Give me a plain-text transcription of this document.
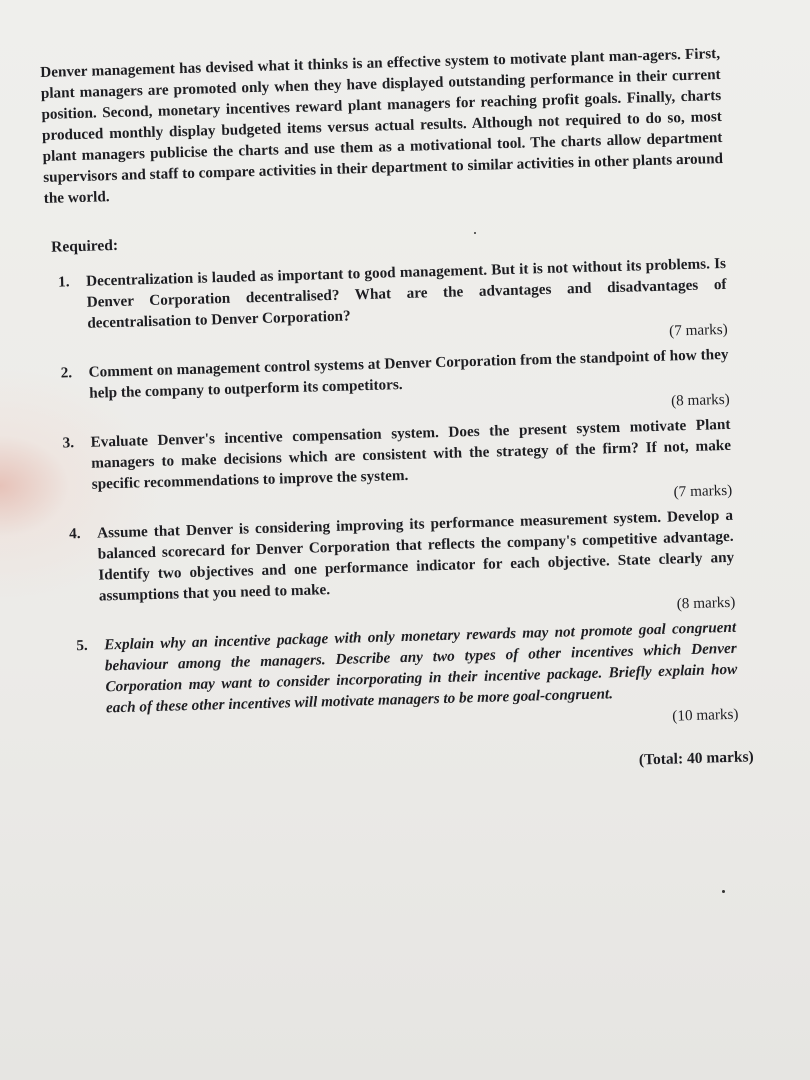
Denver management has devised what it thinks is an effective system to motivate plant man-agers. First, plant managers are promoted only when they have displayed outstanding performance in their current position. Second, monetary incentives reward plant managers for reaching profit goals. Finally, charts produced monthly display budgeted items versus actual results. Although not required to do so, most plant managers publicise the charts and use them as a motivational tool. The charts allow department supervisors and staff to compare activities in their department to similar activities in other plants around the world.

Required:
1. Decentralization is lauded as important to good management. But it is not without its problems. Is Denver Corporation decentralised? What are the advantages and disadvantages of decentralisation to Denver Corporation?	(7 marks)
2. Comment on management control systems at Denver Corporation from the standpoint of how they help the company to outperform its competitors.	(8 marks)
3. Evaluate Denver's incentive compensation system. Does the present system motivate Plant managers to make decisions which are consistent with the strategy of the firm? If not, make specific recommendations to improve the system.	(7 marks)
4. Assume that Denver is considering improving its performance measurement system. Develop a balanced scorecard for Denver Corporation that reflects the company's competitive advantage. Identify two objectives and one performance indicator for each objective. State clearly any assumptions that you need to make.	(8 marks)
5. Explain why an incentive package with only monetary rewards may not promote goal congruent behaviour among the managers. Describe any two types of other incentives which Denver Corporation may want to consider incorporating in their incentive package. Briefly explain how each of these other incentives will motivate managers to be more goal-congruent.	(10 marks)
(Total: 40 marks)
